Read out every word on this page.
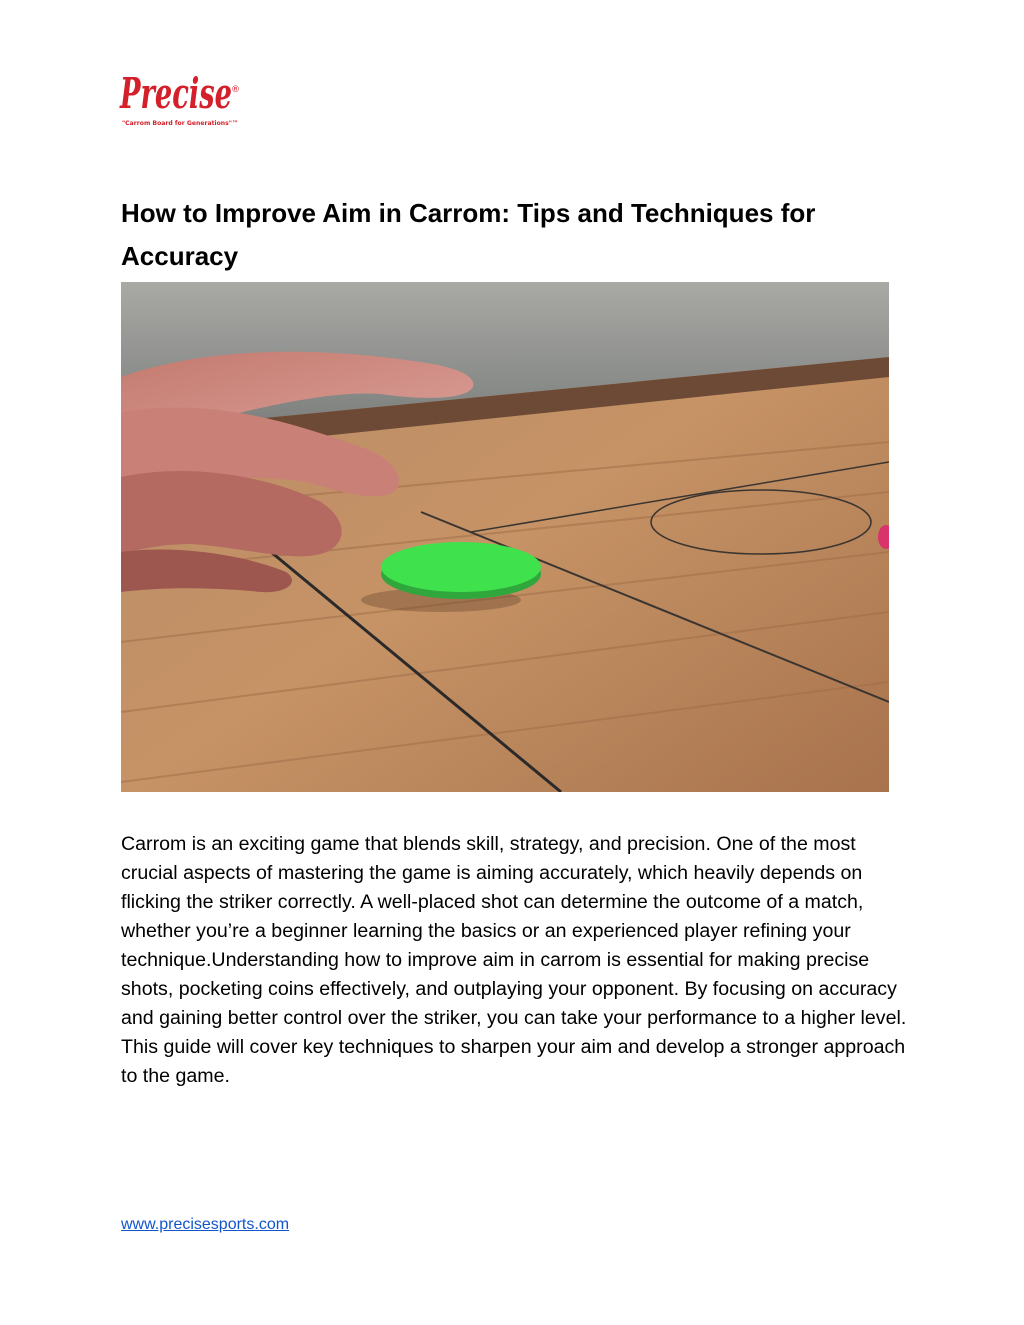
Precise ®
"Carrom Board for Generations"™
How to Improve Aim in Carrom: Tips and Techniques for Accuracy

Carrom is an exciting game that blends skill, strategy, and precision. One of the most crucial aspects of mastering the game is aiming accurately, which heavily depends on flicking the striker correctly. A well-placed shot can determine the outcome of a match, whether you’re a beginner learning the basics or an experienced player refining your technique.Understanding how to improve aim in carrom is essential for making precise shots, pocketing coins effectively, and outplaying your opponent. By focusing on accuracy and gaining better control over the striker, you can take your performance to a higher level. This guide will cover key techniques to sharpen your aim and develop a stronger approach to the game.

www.precisesports.com
